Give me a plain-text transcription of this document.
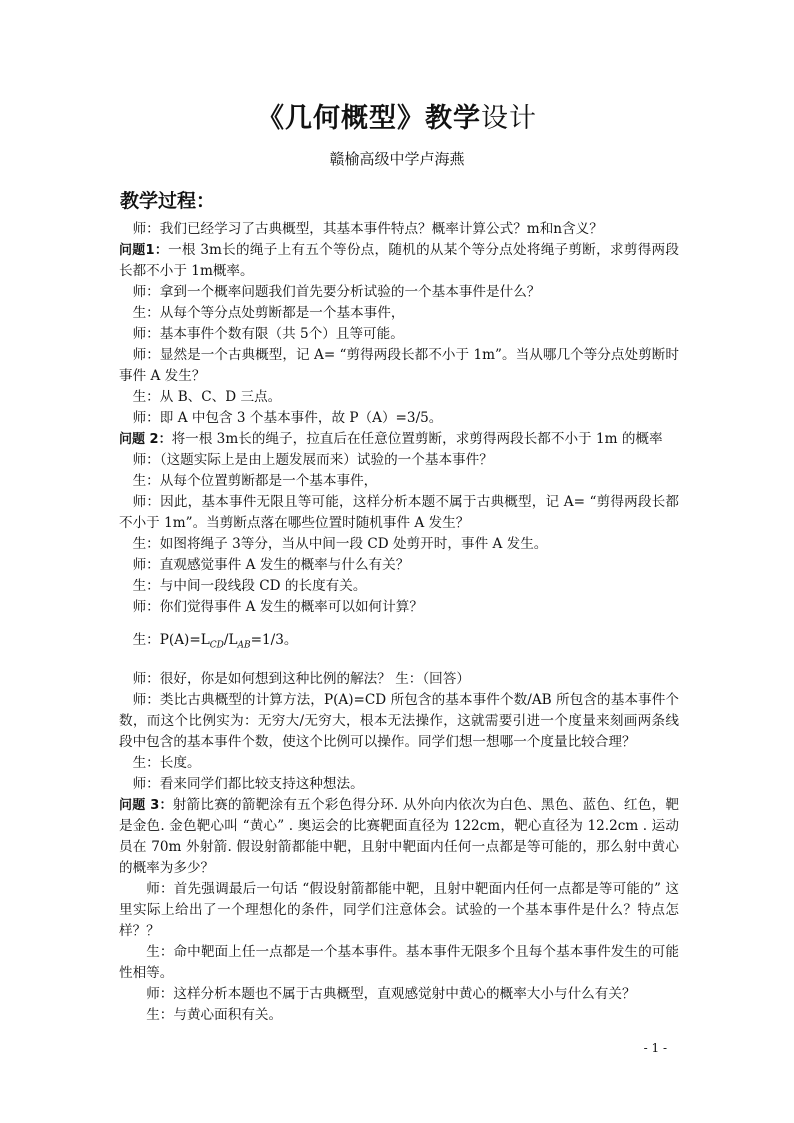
《几何概型》教学设计
赣榆高级中学卢海燕
教学过程：

师：我们已经学习了古典概型，其基本事件特点？概率计算公式？m和n含义？

问题1：一根 3m长的绳子上有五个等份点，随机的从某个等分点处将绳子剪断，求剪得两段长都不小于 1m概率。

师：拿到一个概率问题我们首先要分析试验的一个基本事件是什么？

生：从每个等分点处剪断都是一个基本事件，

师：基本事件个数有限（共 5个）且等可能。

师：显然是一个古典概型，记 A= “剪得两段长都不小于 1m”。当从哪几个等分点处剪断时事件 A 发生？

生：从 B、C、D 三点。

师：即 A 中包含 3 个基本事件，故 P（A）=3/5。

问题 2：将一根 3m长的绳子，拉直后在任意位置剪断，求剪得两段长都不小于 1m 的概率

师：（这题实际上是由上题发展而来）试验的一个基本事件？

生：从每个位置剪断都是一个基本事件，

师：因此，基本事件无限且等可能，这样分析本题不属于古典概型，记 A= “剪得两段长都不小于 1m”。当剪断点落在哪些位置时随机事件 A 发生？

生：如图将绳子 3等分，当从中间一段 CD 处剪开时，事件 A 发生。

师：直观感觉事件 A 发生的概率与什么有关？

生：与中间一段线段 CD 的长度有关。

师：你们觉得事件 A 发生的概率可以如何计算？

生：$P(A)=L_{CD}/L_{AB}=1/3$。

师：很好，你是如何想到这种比例的解法？ 生：（回答）

师：类比古典概型的计算方法，P(A)=CD 所包含的基本事件个数/AB 所包含的基本事件个数，而这个比例实为：无穷大/无穷大，根本无法操作，这就需要引进一个度量来刻画两条线段中包含的基本事件个数，使这个比例可以操作。同学们想一想哪一个度量比较合理？

生：长度。

师：看来同学们都比较支持这种想法。

问题 3：射箭比赛的箭靶涂有五个彩色得分环. 从外向内依次为白色、黑色、蓝色、红色，靶是金色. 金色靶心叫 “黄心” . 奥运会的比赛靶面直径为 122cm，靶心直径为 12.2cm . 运动员在 70m 外射箭. 假设射箭都能中靶，且射中靶面内任何一点都是等可能的，那么射中黄心的概率为多少？

师：首先强调最后一句话 “假设射箭都能中靶，且射中靶面内任何一点都是等可能的” 这里实际上给出了一个理想化的条件，同学们注意体会。试验的一个基本事件是什么？特点怎样？？

生：命中靶面上任一点都是一个基本事件。基本事件无限多个且每个基本事件发生的可能性相等。

师：这样分析本题也不属于古典概型，直观感觉射中黄心的概率大小与什么有关？

生：与黄心面积有关。

- 1 -
